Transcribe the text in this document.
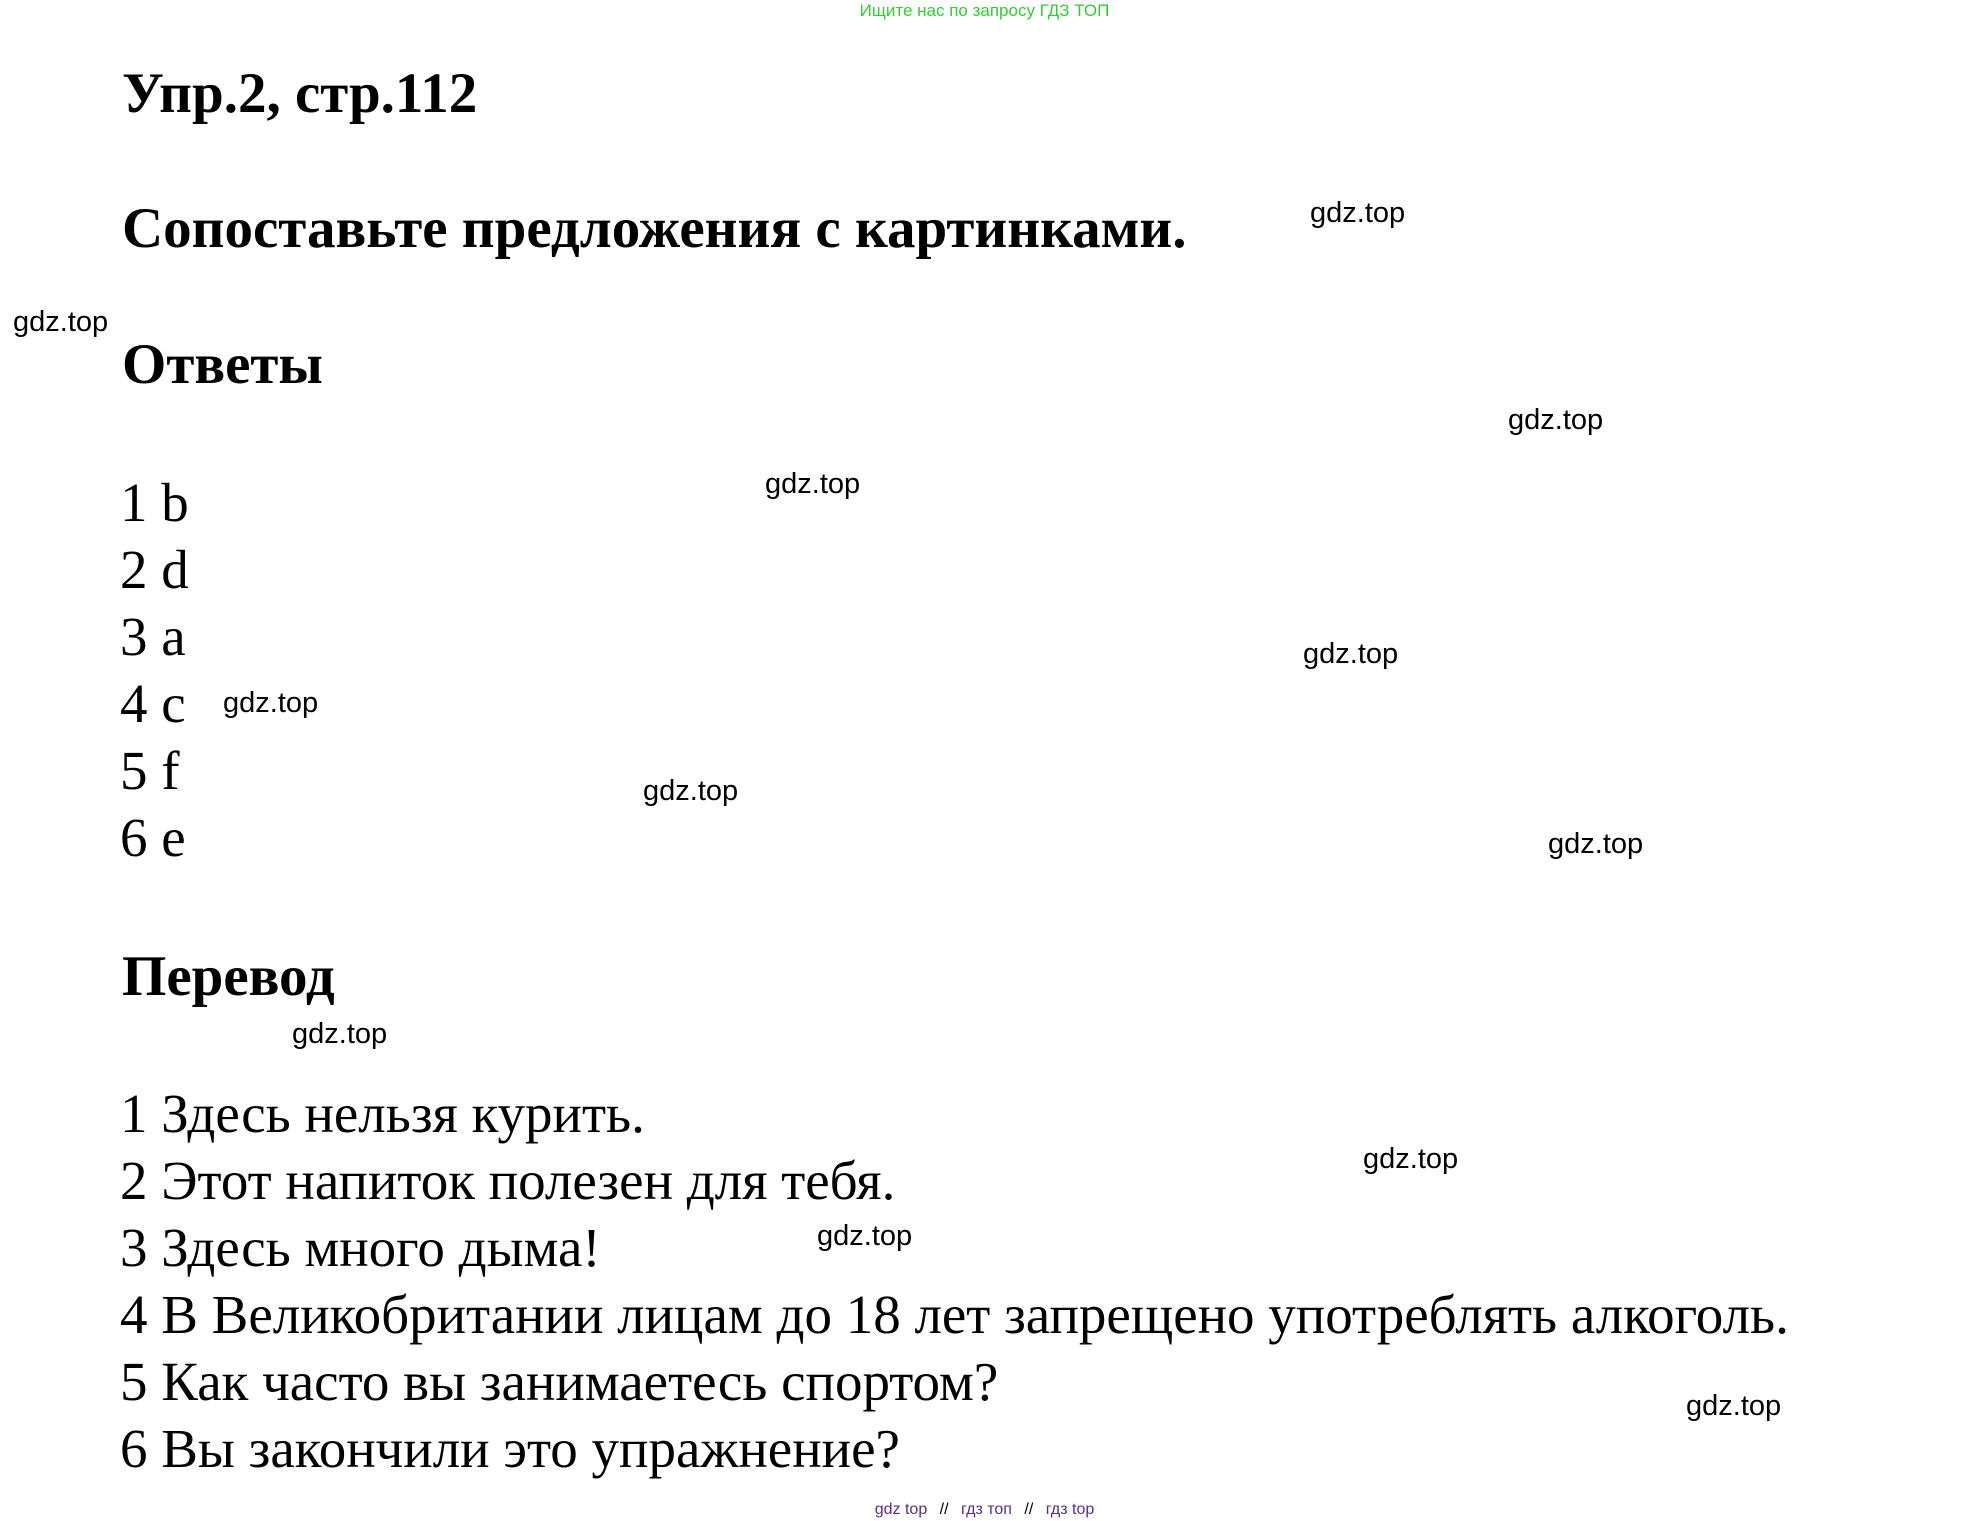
Ищите нас по запросу ГДЗ ТОП
Упр.2, стр.112
Сопоставьте предложения с картинками.
Ответы
1 b
2 d
3 a
4 c
5 f
6 e
Перевод
1 Здесь нельзя курить.
2 Этот напиток полезен для тебя.
3 Здесь много дыма!
4 В Великобритании лицам до 18 лет запрещено употреблять алкоголь.
5 Как часто вы занимаетесь спортом?
6 Вы закончили это упражнение?
gdz.top
gdz.top
gdz.top
gdz.top
gdz.top
gdz.top
gdz.top
gdz.top
gdz.top
gdz.top
gdz.top
gdz.top
gdz top // гдз топ // гдз top
